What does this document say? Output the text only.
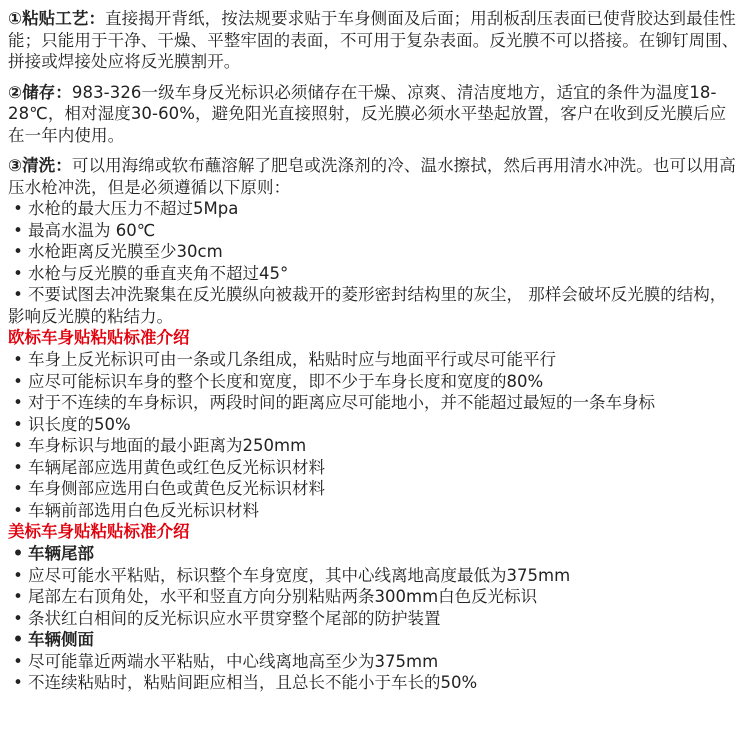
①粘贴工艺：直接揭开背纸，按法规要求贴于车身侧面及后面；用刮板刮压表面已使背胶达到最佳性能；只能用于干净、干燥、平整牢固的表面，不可用于复杂表面。反光膜不可以搭接。在铆钉周围、拼接或焊接处应将反光膜割开。
②储存：983-326一级车身反光标识必须储存在干燥、凉爽、清洁度地方，适宜的条件为温度18-28℃，相对湿度30-60%，避免阳光直接照射，反光膜必须水平垫起放置，客户在收到反光膜后应在一年内使用。
③清洗：可以用海绵或软布蘸溶解了肥皂或洗涤剂的冷、温水擦拭，然后再用清水冲洗。也可以用高压水枪冲洗，但是必须遵循以下原则：
• 水枪的最大压力不超过5Mpa
• 最高水温为 60℃
• 水枪距离反光膜至少30cm
• 水枪与反光膜的垂直夹角不超过45°
• 不要试图去冲洗聚集在反光膜纵向被裁开的菱形密封结构里的灰尘， 那样会破坏反光膜的结构，影响反光膜的粘结力。
欧标车身贴粘贴标准介绍
• 车身上反光标识可由一条或几条组成，粘贴时应与地面平行或尽可能平行
• 应尽可能标识车身的整个长度和宽度，即不少于车身长度和宽度的80%
• 对于不连续的车身标识，两段时间的距离应尽可能地小，并不能超过最短的一条车身标
• 识长度的50%
• 车身标识与地面的最小距离为250mm
• 车辆尾部应选用黄色或红色反光标识材料
• 车身侧部应选用白色或黄色反光标识材料
• 车辆前部选用白色反光标识材料
美标车身贴粘贴标准介绍
• 车辆尾部
• 应尽可能水平粘贴，标识整个车身宽度，其中心线离地高度最低为375mm
• 尾部左右顶角处，水平和竖直方向分别粘贴两条300mm白色反光标识
• 条状红白相间的反光标识应水平贯穿整个尾部的防护装置
• 车辆侧面
• 尽可能靠近两端水平粘贴，中心线离地高至少为375mm
• 不连续粘贴时，粘贴间距应相当，且总长不能小于车长的50%
